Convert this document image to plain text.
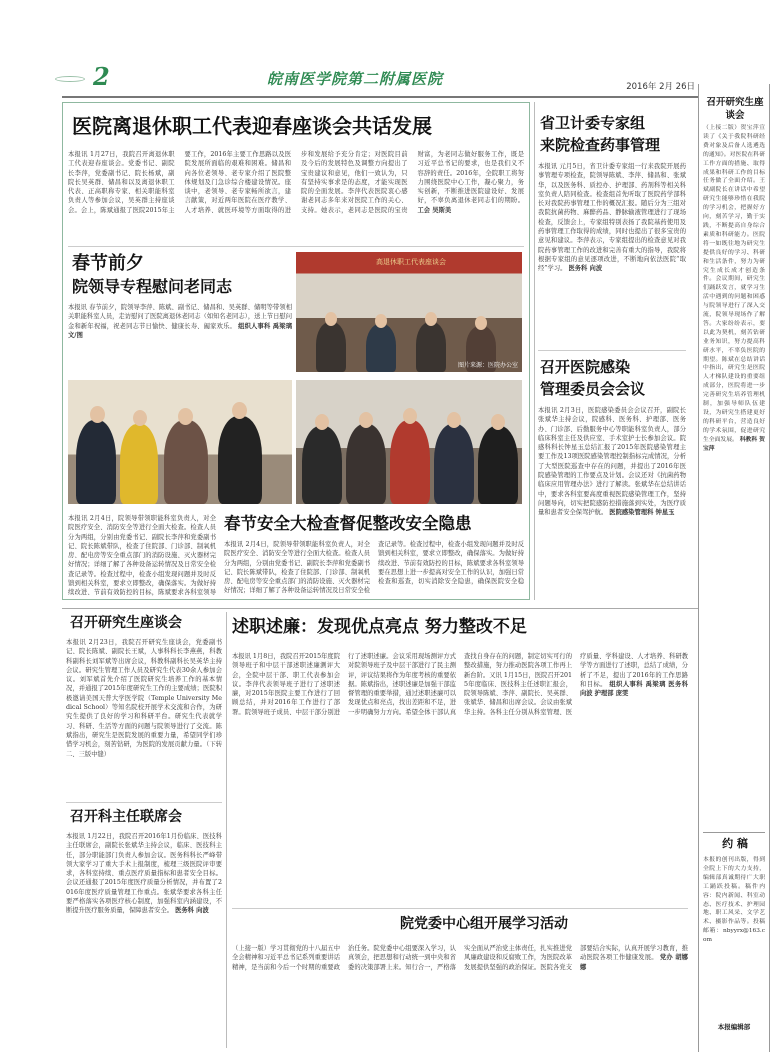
2	皖南医学院第二附属医院	2016年 2月 26日
医院离退休职工代表迎春座谈会共话发展
本报讯 1月27日，我院召开离退休职工代表迎春座谈会。党委书记、副院长李萍，党委副书记、院长杨斌，副院长吴英群、储昌和以及离退休职工代表、正高职称专家、相关职能科室负责人等参加会议，吴英群主持座谈会。会上，陈斌通报了医院2015年主要工作，2016年主要工作思路以及医院发展所面临的艰难和困难。储昌和向各位老领导、老专家介绍了医院整体规划及门急诊综合楼建设情况。座谈中，老领导、老专家畅所欲言，建言献策，对近两年医院在医疗教学、人才培养、就医环境等方面取得的进步和发展给予充分肯定；对医院目前及今后的发展特色及调整方向提出了宝贵建议和意见，他们一致认为，只有坚持实事求是的态度，才能实现医院的全面发展。李萍代表医院衷心感谢老同志多年来对医院工作的关心、支持。她表示，老同志是医院的宝贵财富，为老同志做好服务工作，既是习近平总书记的要求，也是我们义不容辞的责任。2016年，全院职工将努力围绕医院中心工作，凝心聚力，务实创新，不断推进医院建设好、发展好，不辜负离退休老同志们的期盼。 工会 吴斯美
春节前夕
院领导专程慰问老同志
本报讯 春节前夕，院领导李萍、陈斌、副书记、储昌和、吴英群、储明等带领相关职能科室人员，走访慰问了医院离退休老同志（如知名老同志），送上节日慰问金和新年祝福，祝老同志节日愉快、健康长寿、阖家欢乐。 组织人事科 禹梁璃 文/图
高退休职工代表座谈会
图片来源：医院办公室
本报讯 2月4日，院领导带领职能科室负责人，对全院医疗安全、消防安全等进行全面大检查。检查人员分为两组，分别由党委书记、副院长李萍和党委副书记、院长陈斌带队，检查了住院部、门诊部、制氧机房、配电房等安全重点部门的消防设施、灭火器材完好情况；详细了解了各种设备运转情况及日常安全检查记录等。检查过程中，检查小组发现问题并及时反馈到相关科室，要求立即整改，确保落实。为做好持续改进、节前有效防控的目标，陈斌要求各科室领导
春节安全大检查督促整改安全隐患
本报讯 2月4日，院领导带领职能科室负责人，对全院医疗安全、消防安全等进行全面大检查。检查人员分为两组，分别由党委书记、副院长李萍和党委副书记、院长陈斌带队，检查了住院部、门诊部、制氧机房、配电房等安全重点部门的消防设施、灭火器材完好情况；详细了解了各种设备运转情况及日常安全检查记录等。检查过程中，检查小组发现问题并及时反馈到相关科室，要求立即整改，确保落实。为做好持续改进、节前有效防控的目标，陈斌要求各科室领导要在思想上进一步提高对安全工作的认识，加强日常检查和巡查，切实消除安全隐患，确保医院安全稳
省卫计委专家组
来院检查药事管理
本报讯 元月5日，省卫计委专家组一行来我院开展药事管理专项检查，院领导陈斌、李萍、储昌和、张斌华，以及医务科、质控办、护理部、药剂科等相关科室负责人陪同检查。检查组首先听取了医院药学部科长对我院药事管理工作的概况汇报。随后分为三组对我院抗菌药物、麻醉药品、静脉输液管理进行了现场检查，反馈会上，专家组特别表扬了我院基药使用及药事管理工作取得的成绩，同时也提出了很多宝贵的意见和建议。李萍表示，专家组提出的检查意见对我院药事管理工作的改进和完善有重大的指导，我院将根据专家组的意见逐项改进，不断地向依法医院“取经”学习。 医务科 向波
召开医院感染
管理委员会会议
本报讯 2月3日，医院感染委员会会议召开，副院长张斌华主持会议，院感科、医务科、护理部、医务办、门诊部、后勤服务中心等职能科室负责人，部分临床科室主任及供应室、手术室护士长参加会议。院感科科长钟星玉总结汇报了2015年医院感染管理主要工作及13项医院感染管理控制指标完成情况，分析了大型医院巡查中存在的问题，并提出了2016年医院感染管理的工作要点及计划。会议还对《抗菌药物临床应用管理办法》进行了解读。张斌华在总结讲话中，要求各科室要高度重视医院感染管理工作，坚持问题导向，切实把院感防控措施落到实处，为医疗质量和患者安全保驾护航。 医院感染管理科 钟星玉
召开研究生座谈会
本报讯 2月23日，我院召开研究生座谈会，党委副书记、院长陈斌、副院长王斌，人事科科长李燕燕，科教科副科长刘军斌等出席会议，科教科副科长吴英华主持会议。研究生管理工作人员及研究生代表30余人参加会议。刘军斌首先介绍了医院研究生培养工作的基本情况，并通报了2015年度研究生工作的主要成绩；医院积极邀请美国天普大学医学院（Temple University Medical School）等知名院校开展学术交流和合作，为研究生提供了良好的学习和科研平台。研究生代表就学习、科研、生活等方面的问题与院领导进行了交流。陈斌指出，研究生是医院发展的重要力量，希望同学们珍惜学习机会，刻苦钻研，为医院的发展贡献力量。（下转二、三版中缝）
召开科主任联席会
本报讯 1月22日，我院召开2016年1月份临床、医技科主任联席会，副院长张斌华主持会议，临床、医技科主任，部分职能部门负责人参加会议。医务科科长严峰带领大家学习了重大手术上报制度，梳理三级医院评审要求，各科室持续、重点医疗质量指标和患者安全目标。会议还通报了2015年度医疗质量分析情况，并布置了2016年度医疗质量管理工作重点。张斌华要求各科主任要严格落实各项医疗核心制度，加强科室内涵建设，不断提升医疗服务质量，保障患者安全。 医务科 向波
述职述廉：发现优点亮点 努力整改不足
本报讯 1月8日，我院召开2015年度院领导班子和中层干部述职述廉测评大会，全院中层干部、职工代表参加会议。李萍代表领导班子进行了述职述廉，对2015年医院主要工作进行了回顾总结，并对2016年工作进行了部署。院领导班子成员、中层干部分别进行了述职述廉。会议采用现场测评方式对院领导班子及中层干部进行了民主测评，评议结果将作为年度考核的重要依据。陈斌指出，述职述廉是加强干部监督管理的重要举措，通过述职述廉可以发现优点和亮点，找出差距和不足，进一步明确努力方向。希望全体干部认真查找自身存在的问题，制定切实可行的整改措施，努力推动医院各项工作再上新台阶。又讯 1月15日，医院召开2015年度临床、医技科主任述职汇报会，院领导陈斌、李萍、副院长、吴英群、张斌华、储昌和出席会议。会议由张斌华主持。各科主任分别从科室管理、医疗质量、学科建设、人才培养、科研教学等方面进行了述职，总结了成绩，分析了不足，提出了2016年的工作思路和目标。 组织人事科 禹梁璃 医务科 向波 护理部 庞雯
院党委中心组开展学习活动
（上接一版）学习贯彻党的十八届五中全会精神和习近平总书记系列重要讲话精神，是当前和今后一个时期的重要政治任务。院党委中心组要深入学习，认真领会，把思想和行动统一到中央和省委的决策部署上来。知行合一，严格落实全面从严治党主体责任，扎实推进党风廉政建设和反腐败工作，为医院改革发展提供坚强的政治保证。医院各党支部要结合实际，认真开展学习教育，推动医院各项工作健康发展。 党办 胡娜娜
召开研究生座谈会
（上接二版）贺宝萍宣读了《关于我院科研经费对象及后备人选遴选的通知》。对医院在科研工作方面的措施、取得成果和科研工作的目标任务做了全面介绍。王斌副院长在讲话中希望研究生能够珍惜在我院的学习机会，把握好方向，刻苦学习，勤于实践，不断提高自身综合素质和科研能力。医院将一如既往地为研究生提供良好的学习、科研和生活条件，努力为研究生成长成才创造条件。会议期间，研究生们踊跃发言，就学习生活中遇到的问题和困惑与院领导进行了深入交流，院领导现场作了解答。大家纷纷表示，要以此为契机，刻苦钻研业务知识，努力提高科研水平，不辜负医院的期望。陈斌在总结讲话中指出，研究生是医院人才梯队建设的重要组成部分，医院将进一步完善研究生培养管理机制，加强导师队伍建设，为研究生搭建更好的科研平台，营造良好的学术氛围，促进研究生全面发展。 科教科 贺宝萍
约 稿
本报的创刊出版，得到全院上下的大力支持，编辑部真诚期待广大职工踊跃投稿。稿件内容：院内新闻、科室动态、医疗技术、护理园地、职工风采、文学艺术、摄影作品等。投稿邮箱：nbyyrx@163.com
本报编辑部
